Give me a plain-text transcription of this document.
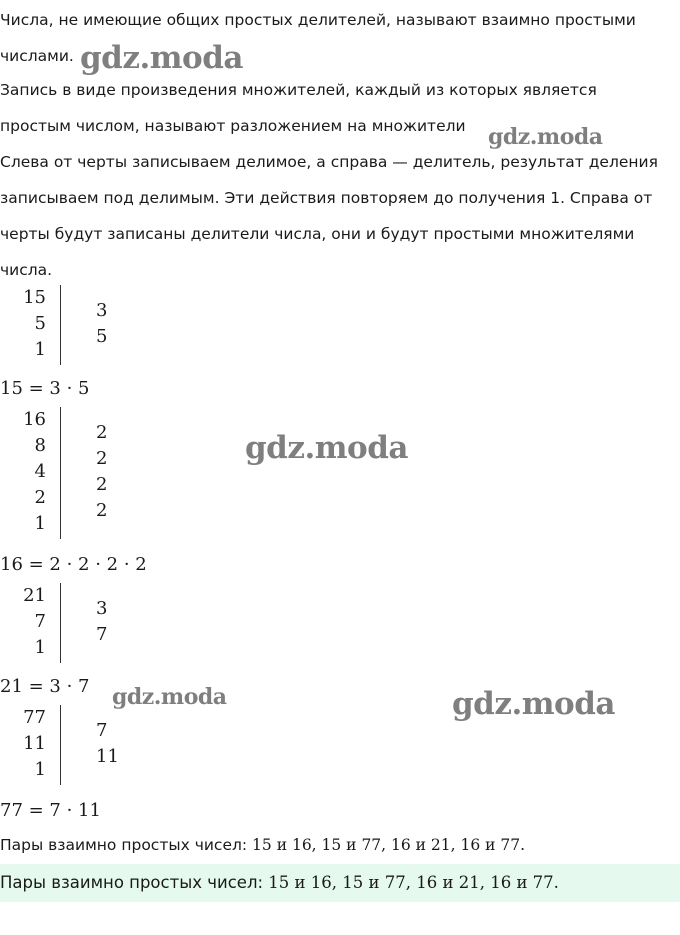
Числа, не имеющие общих простых делителей, называют взаимно простыми
числами.
Запись в виде произведения множителей, каждый из которых является
простым числом, называют разложением на множители
Слева от черты записываем делимое, а справа — делитель, результат деления
записываем под делимым. Эти действия повторяем до получения 1. Справа от
черты будут записаны делители числа, они и будут простыми множителями
числа.
gdz.moda
gdz.moda
gdz.moda
gdz.moda	gdz.moda
15
5
1
3
5
15 = 3 · 5
16
8
4
2
1
2
2
2
2
16 = 2 · 2 · 2 · 2
21
7
1
3
7
21 = 3 · 7
77
11
1
7
11
77 = 7 · 11
Пары взаимно простых чисел: 15 и 16, 15 и 77, 16 и 21, 16 и 77.
Пары взаимно простых чисел: 15 и 16, 15 и 77, 16 и 21, 16 и 77.
